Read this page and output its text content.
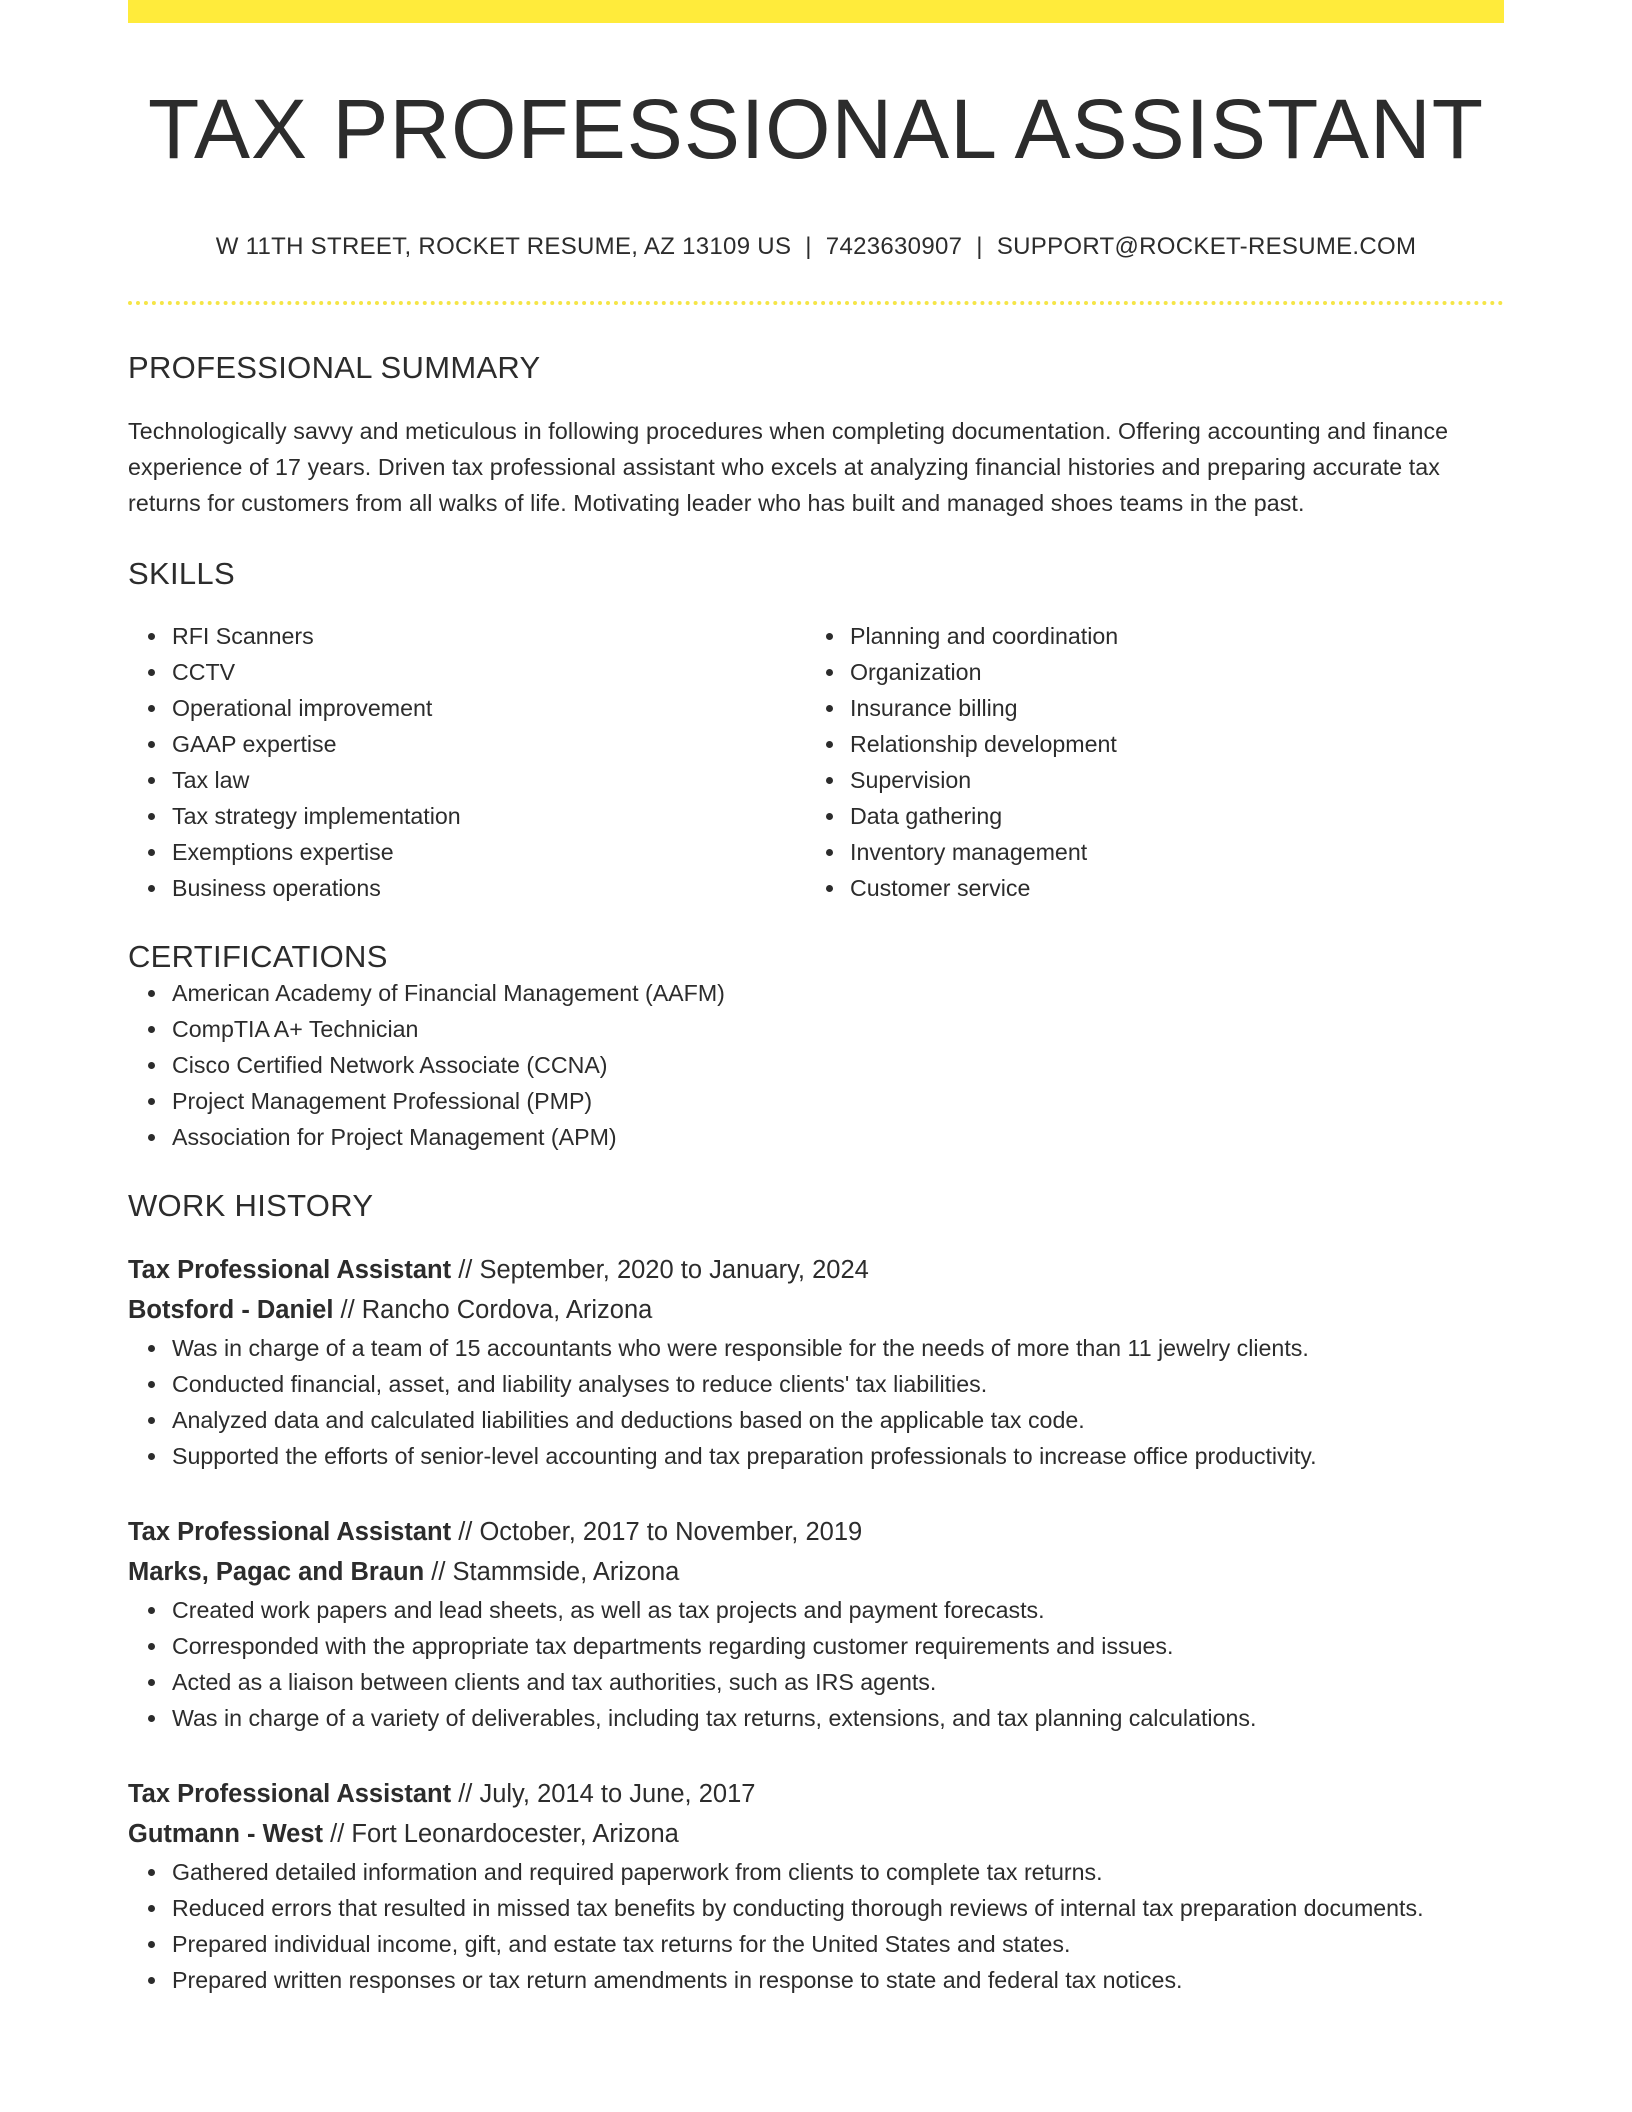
TAX PROFESSIONAL ASSISTANT
W 11TH STREET, ROCKET RESUME, AZ 13109 US | 7423630907 | SUPPORT@ROCKET-RESUME.COM
PROFESSIONAL SUMMARY

Technologically savvy and meticulous in following procedures when completing documentation. Offering accounting and finance experience of 17 years. Driven tax professional assistant who excels at analyzing financial histories and preparing accurate tax returns for customers from all walks of life. Motivating leader who has built and managed shoes teams in the past.

SKILLS
RFI Scanners
CCTV
Operational improvement
GAAP expertise
Tax law
Tax strategy implementation
Exemptions expertise
Business operations
Planning and coordination
Organization
Insurance billing
Relationship development
Supervision
Data gathering
Inventory management
Customer service
CERTIFICATIONS
American Academy of Financial Management (AAFM)
CompTIA A+ Technician
Cisco Certified Network Associate (CCNA)
Project Management Professional (PMP)
Association for Project Management (APM)
WORK HISTORY
Tax Professional Assistant // September, 2020 to January, 2024
Botsford - Daniel // Rancho Cordova, Arizona
Was in charge of a team of 15 accountants who were responsible for the needs of more than 11 jewelry clients.
Conducted financial, asset, and liability analyses to reduce clients' tax liabilities.
Analyzed data and calculated liabilities and deductions based on the applicable tax code.
Supported the efforts of senior-level accounting and tax preparation professionals to increase office productivity.
Tax Professional Assistant // October, 2017 to November, 2019
Marks, Pagac and Braun // Stammside, Arizona
Created work papers and lead sheets, as well as tax projects and payment forecasts.
Corresponded with the appropriate tax departments regarding customer requirements and issues.
Acted as a liaison between clients and tax authorities, such as IRS agents.
Was in charge of a variety of deliverables, including tax returns, extensions, and tax planning calculations.
Tax Professional Assistant // July, 2014 to June, 2017
Gutmann - West // Fort Leonardocester, Arizona
Gathered detailed information and required paperwork from clients to complete tax returns.
Reduced errors that resulted in missed tax benefits by conducting thorough reviews of internal tax preparation documents.
Prepared individual income, gift, and estate tax returns for the United States and states.
Prepared written responses or tax return amendments in response to state and federal tax notices.
